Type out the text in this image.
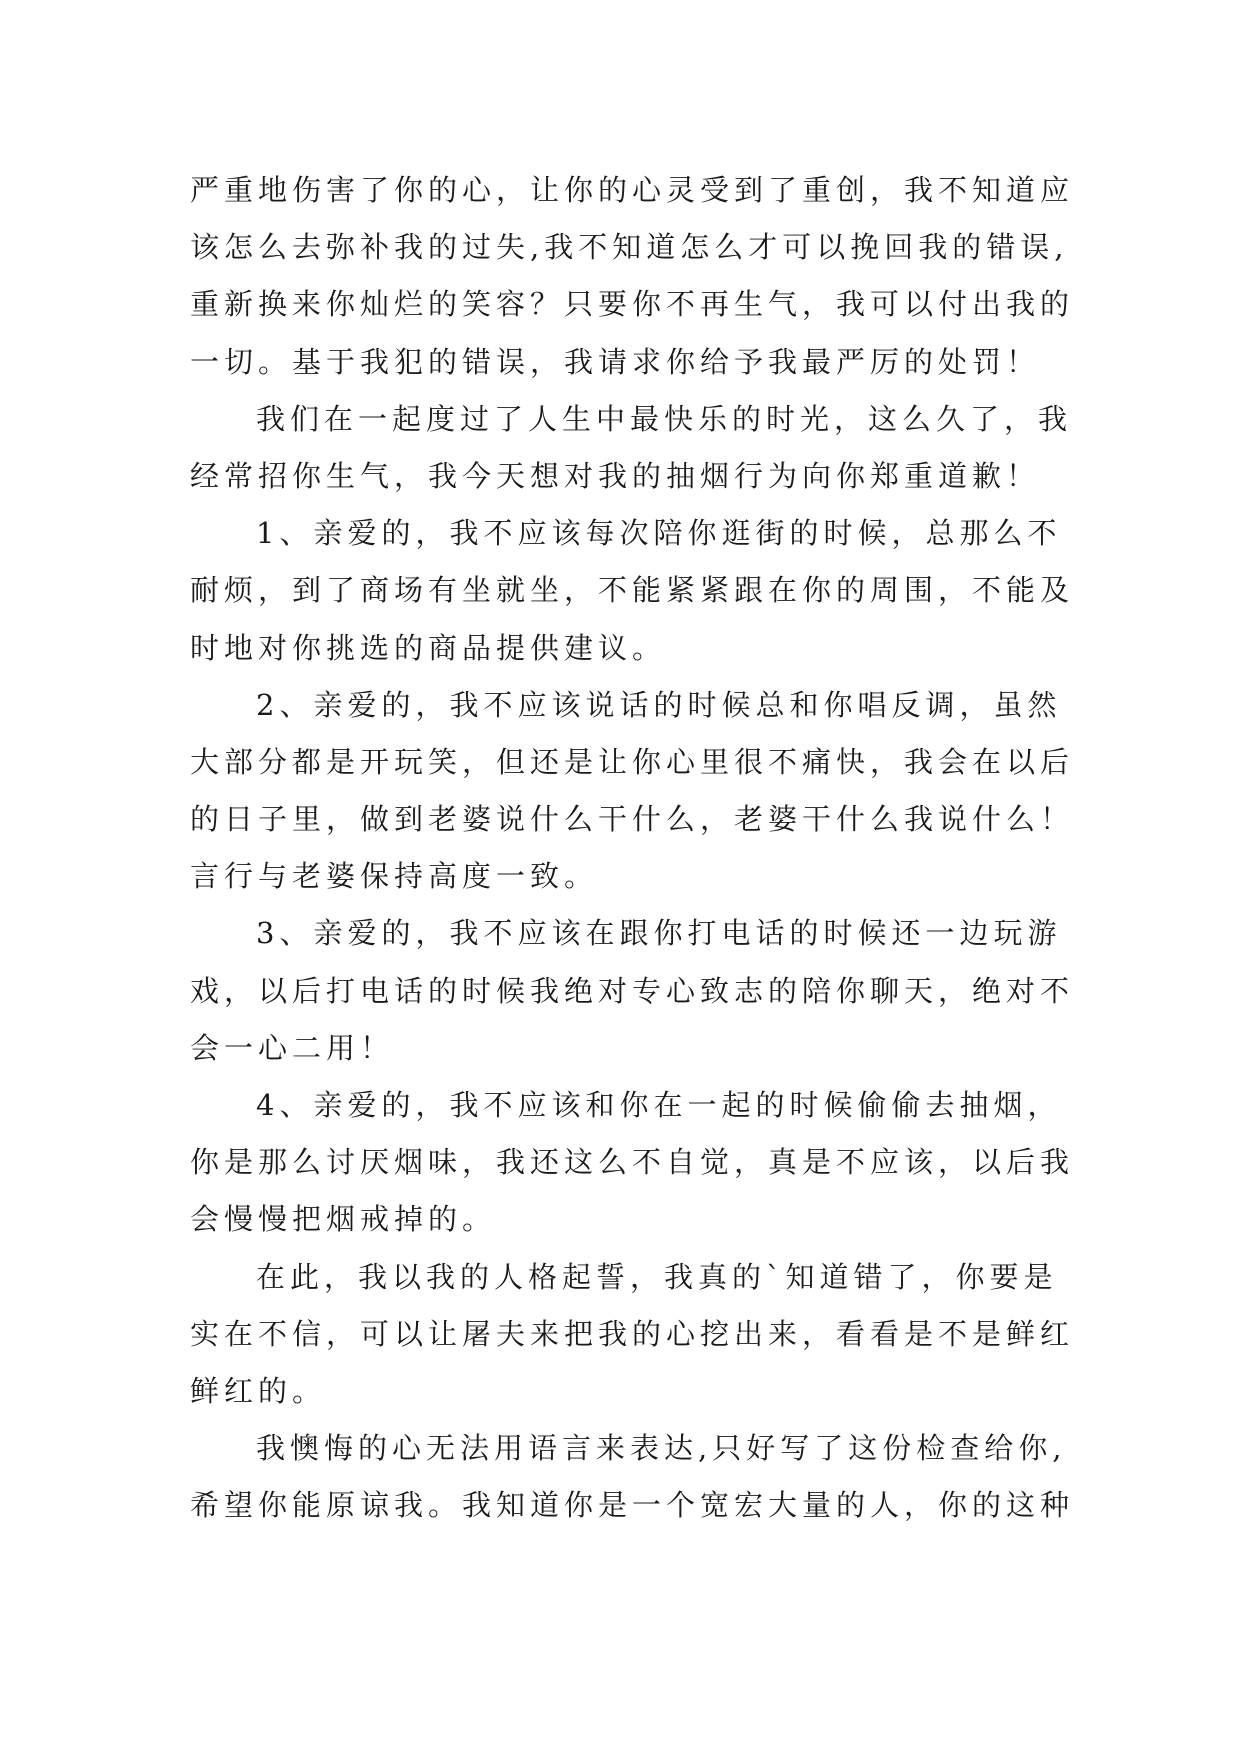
严重地伤害了你的心，让你的心灵受到了重创，我不知道应
该怎么去弥补我的过失,我不知道怎么才可以挽回我的错误,
重新换来你灿烂的笑容？只要你不再生气，我可以付出我的
一切。基于我犯的错误，我请求你给予我最严厉的处罚！
我们在一起度过了人生中最快乐的时光，这么久了，我
经常招你生气，我今天想对我的抽烟行为向你郑重道歉！
1、亲爱的，我不应该每次陪你逛街的时候，总那么不
耐烦，到了商场有坐就坐，不能紧紧跟在你的周围，不能及
时地对你挑选的商品提供建议。
2、亲爱的，我不应该说话的时候总和你唱反调，虽然
大部分都是开玩笑，但还是让你心里很不痛快，我会在以后
的日子里，做到老婆说什么干什么，老婆干什么我说什么！
言行与老婆保持高度一致。
3、亲爱的，我不应该在跟你打电话的时候还一边玩游
戏，以后打电话的时候我绝对专心致志的陪你聊天，绝对不
会一心二用！
4、亲爱的，我不应该和你在一起的时候偷偷去抽烟，
你是那么讨厌烟味，我还这么不自觉，真是不应该，以后我
会慢慢把烟戒掉的。
在此，我以我的人格起誓，我真的`知道错了，你要是
实在不信，可以让屠夫来把我的心挖出来，看看是不是鲜红
鲜红的。
我懊悔的心无法用语言来表达,只好写了这份检查给你,
希望你能原谅我。我知道你是一个宽宏大量的人，你的这种
